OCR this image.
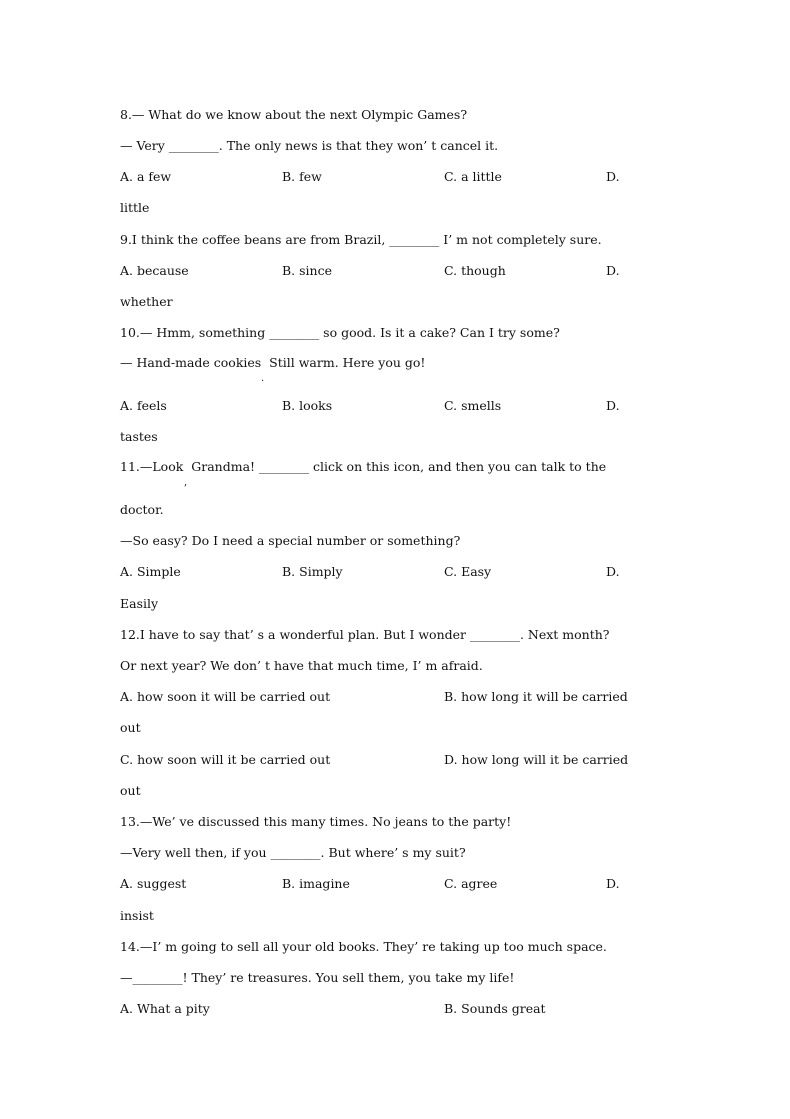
8.— What do we know about the next Olympic Games?
— Very ________. The only news is that they won’ t cancel it.
A. a few	B. few	C. a little	D.
little
9.I think the coffee beans are from Brazil, ________ I’ m not completely sure.
A. because	B. since	C. though	D.
whether
10.— Hmm, something ________ so good. Is it a cake? Can I try some?
— Hand-made cookies  Still warm. Here you go!
.
A. feels	B. looks	C. smells	D.
tastes
11.—Look  Grandma! ________ click on this icon, and then you can talk to the
,
doctor.
—So easy? Do I need a special number or something?
A. Simple	B. Simply	C. Easy	D.
Easily
12.I have to say that’ s a wonderful plan. But I wonder ________. Next month?
Or next year? We don’ t have that much time, I’ m afraid.
A. how soon it will be carried out	B. how long it will be carried
out
C. how soon will it be carried out	D. how long will it be carried
out
13.—We’ ve discussed this many times. No jeans to the party!
—Very well then, if you ________. But where’ s my suit?
A. suggest	B. imagine	C. agree	D.
insist
14.—I’ m going to sell all your old books. They’ re taking up too much space.
—________! They’ re treasures. You sell them, you take my life!
A. What a pity	B. Sounds great
